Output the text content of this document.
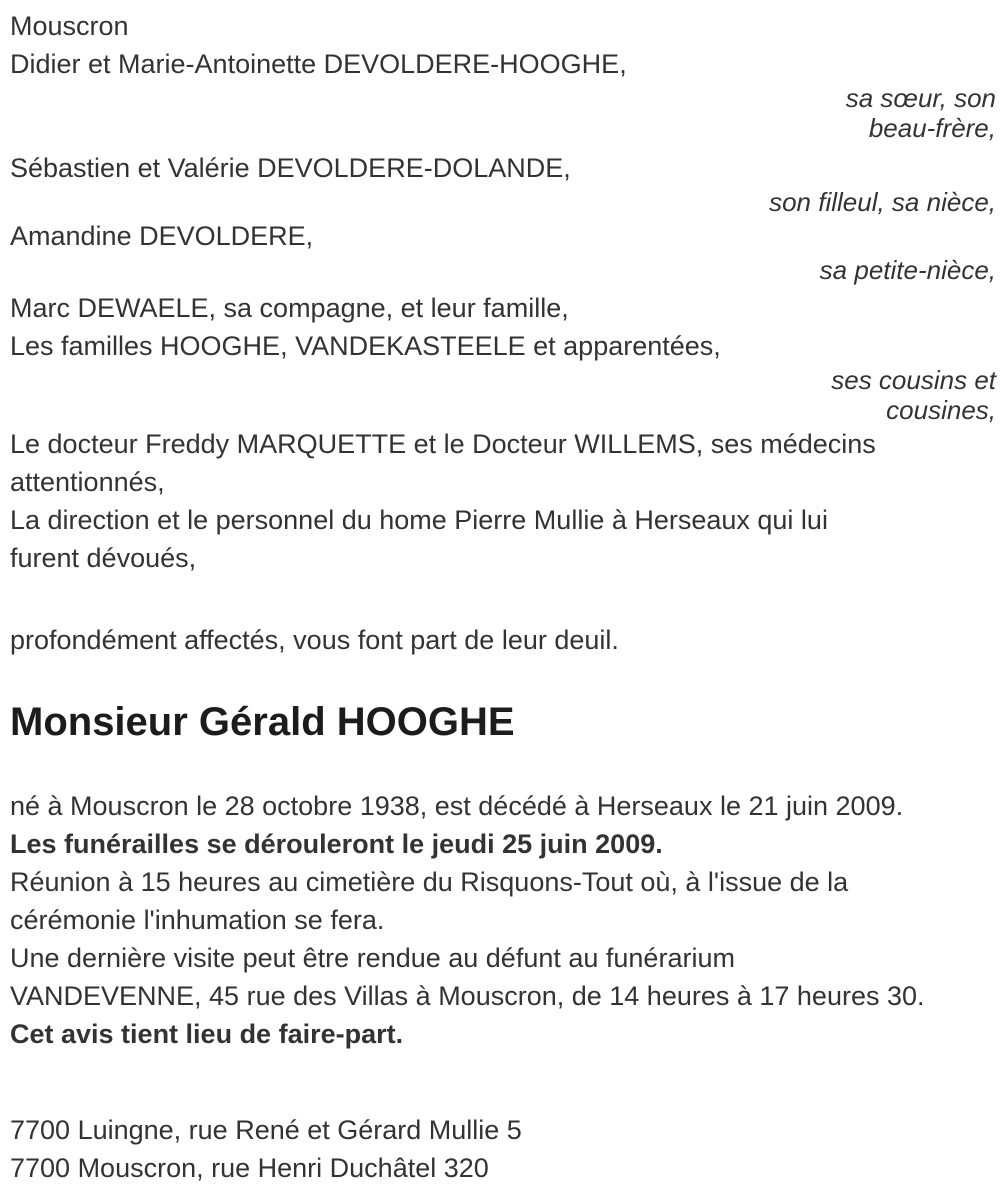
Mouscron
Didier et Marie-Antoinette DEVOLDERE-HOOGHE,
sa sœur, son
beau-frère,
Sébastien et Valérie DEVOLDERE-DOLANDE,
son filleul, sa nièce,
Amandine DEVOLDERE,
sa petite-nièce,
Marc DEWAELE, sa compagne, et leur famille,
Les familles HOOGHE, VANDEKASTEELE et apparentées,
ses cousins et
cousines,
Le docteur Freddy MARQUETTE et le Docteur WILLEMS, ses médecins
attentionnés,
La direction et le personnel du home Pierre Mullie à Herseaux qui lui
furent dévoués,
profondément affectés, vous font part de leur deuil.
Monsieur Gérald HOOGHE
né à Mouscron le 28 octobre 1938, est décédé à Herseaux le 21 juin 2009.
Les funérailles se dérouleront le jeudi 25 juin 2009.
Réunion à 15 heures au cimetière du Risquons-Tout où, à l'issue de la
cérémonie l'inhumation se fera.
Une dernière visite peut être rendue au défunt au funérarium
VANDEVENNE, 45 rue des Villas à Mouscron, de 14 heures à 17 heures 30.
Cet avis tient lieu de faire-part.
7700 Luingne, rue René et Gérard Mullie 5
7700 Mouscron, rue Henri Duchâtel 320
